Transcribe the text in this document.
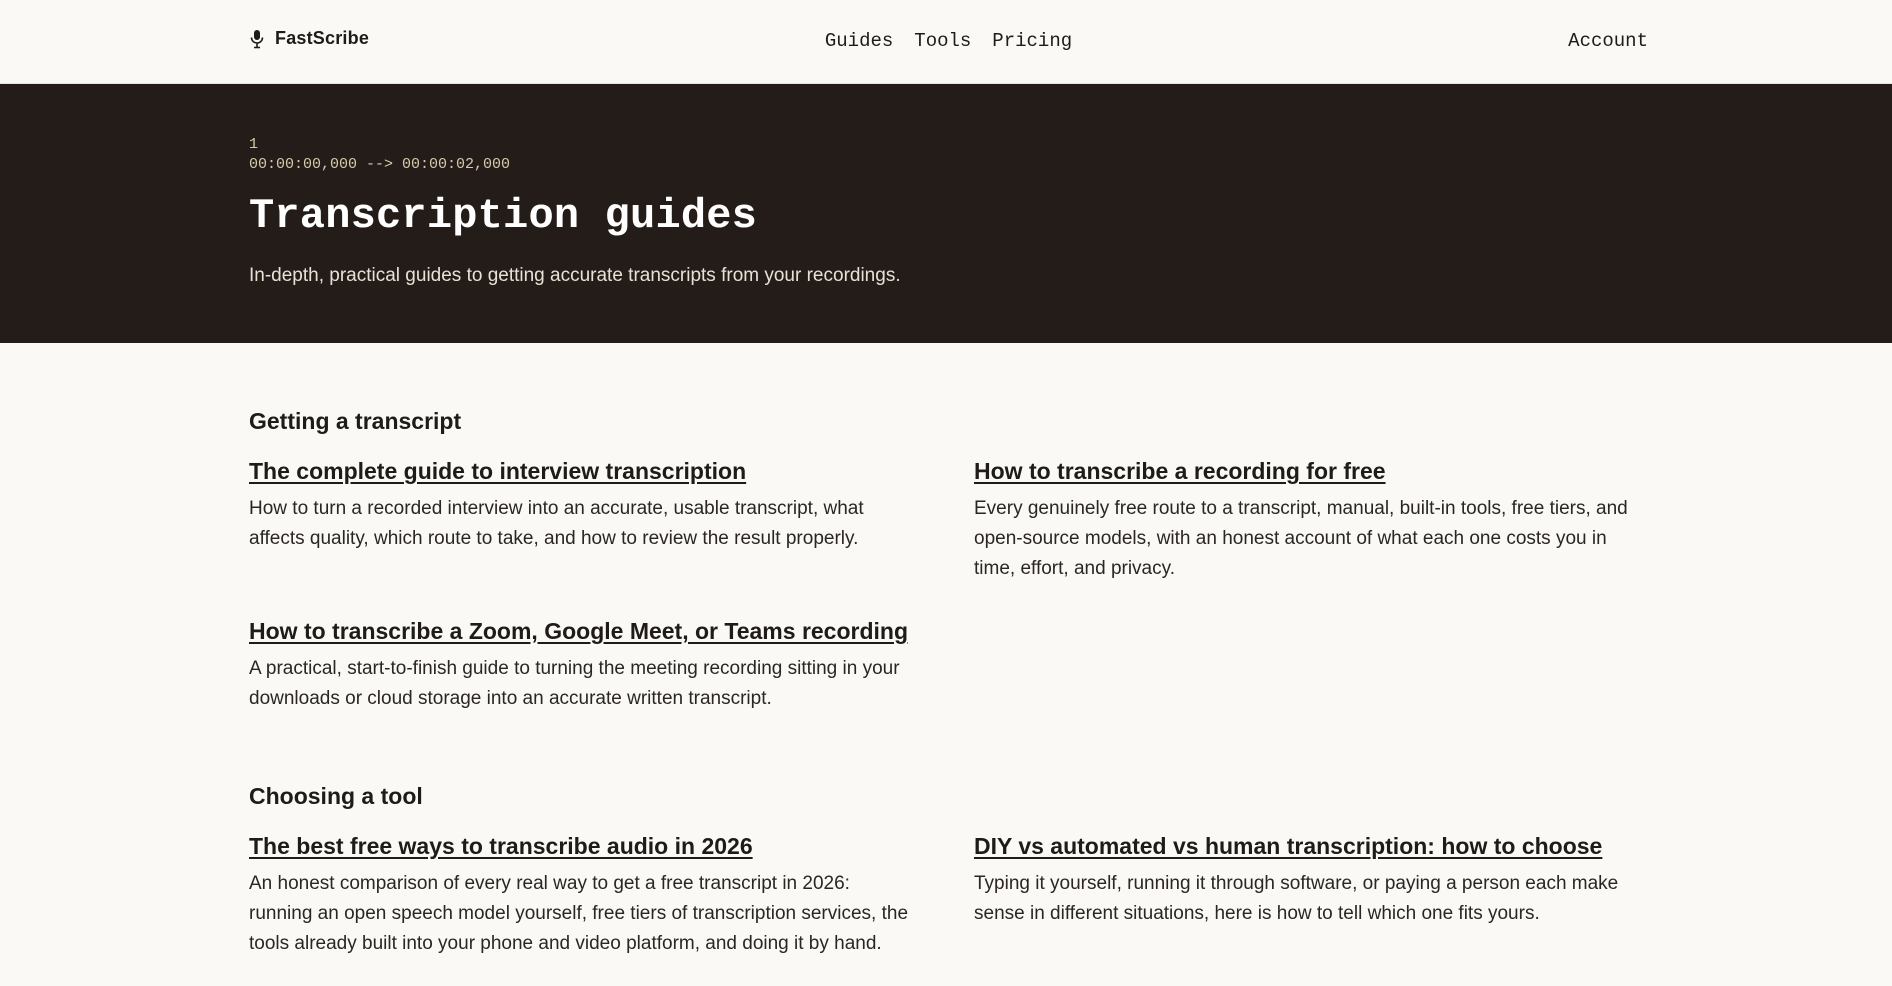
FastScribe	Guides Tools Pricing	Account
1
00:00:00,000 --> 00:00:02,000
Transcription guides

In-depth, practical guides to getting accurate transcripts from your recordings.

Getting a transcript
The complete guide to interview transcription

How to turn a recorded interview into an accurate, usable transcript, what affects quality, which route to take, and how to review the result properly.

How to transcribe a recording for free

Every genuinely free route to a transcript, manual, built-in tools, free tiers, and open-source models, with an honest account of what each one costs you in time, effort, and privacy.

How to transcribe a Zoom, Google Meet, or Teams recording

A practical, start-to-finish guide to turning the meeting recording sitting in your downloads or cloud storage into an accurate written transcript.

Choosing a tool
The best free ways to transcribe audio in 2026

An honest comparison of every real way to get a free transcript in 2026: running an open speech model yourself, free tiers of transcription services, the tools already built into your phone and video platform, and doing it by hand.

DIY vs automated vs human transcription: how to choose

Typing it yourself, running it through software, or paying a person each make sense in different situations, here is how to tell which one fits yours.
